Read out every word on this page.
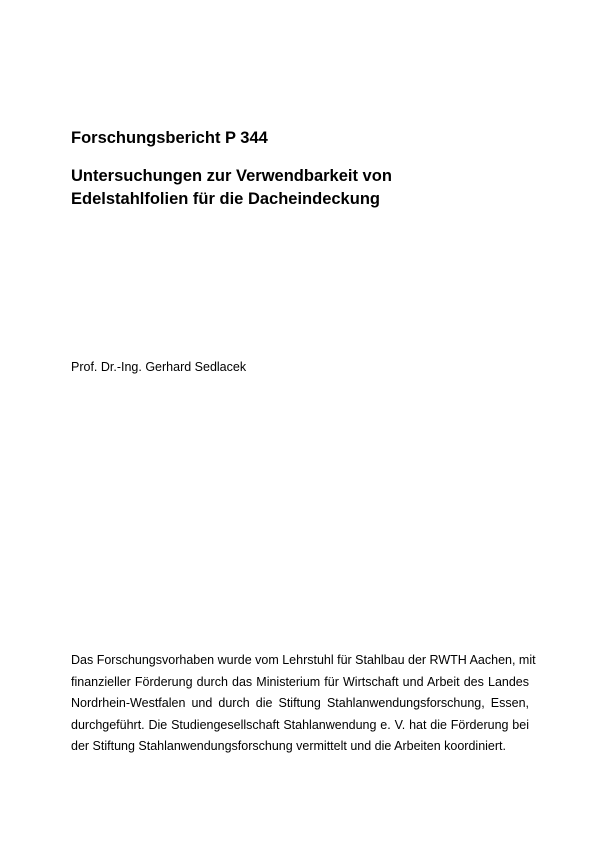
Forschungsbericht P 344
Untersuchungen zur Verwendbarkeit von
Edelstahlfolien für die Dacheindeckung

Prof. Dr.-Ing. Gerhard Sedlacek

Das Forschungsvorhaben wurde vom Lehrstuhl für Stahlbau der RWTH Aachen, mit
finanzieller Förderung durch das Ministerium für Wirtschaft und Arbeit des Landes
Nordrhein-Westfalen und durch die Stiftung Stahlanwendungsforschung, Essen,
durchgeführt. Die Studiengesellschaft Stahlanwendung e. V. hat die Förderung bei
der Stiftung Stahlanwendungsforschung vermittelt und die Arbeiten koordiniert.
